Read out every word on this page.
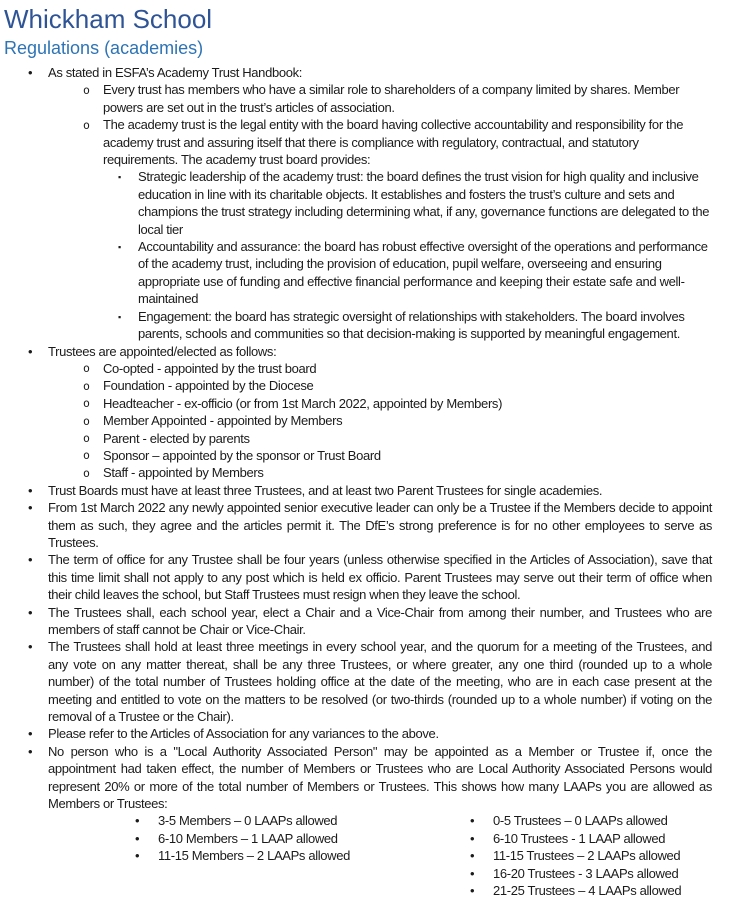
Whickham School
Regulations (academies)
• As stated in ESFA’s Academy Trust Handbook:
o Every trust has members who have a similar role to shareholders of a company limited by shares. Member powers are set out in the trust’s articles of association.
o The academy trust is the legal entity with the board having collective accountability and responsibility for the academy trust and assuring itself that there is compliance with regulatory, contractual, and statutory requirements. The academy trust board provides:
▪ Strategic leadership of the academy trust: the board defines the trust vision for high quality and inclusive education in line with its charitable objects. It establishes and fosters the trust’s culture and sets and champions the trust strategy including determining what, if any, governance functions are delegated to the local tier
▪ Accountability and assurance: the board has robust effective oversight of the operations and performance of the academy trust, including the provision of education, pupil welfare, overseeing and ensuring appropriate use of funding and effective financial performance and keeping their estate safe and well-maintained
▪ Engagement: the board has strategic oversight of relationships with stakeholders. The board involves parents, schools and communities so that decision-making is supported by meaningful engagement.
• Trustees are appointed/elected as follows:
o Co-opted - appointed by the trust board
o Foundation - appointed by the Diocese
o Headteacher - ex-officio (or from 1st March 2022, appointed by Members)
o Member Appointed - appointed by Members
o Parent - elected by parents
o Sponsor – appointed by the sponsor or Trust Board
o Staff - appointed by Members
• Trust Boards must have at least three Trustees, and at least two Parent Trustees for single academies.
• From 1st March 2022 any newly appointed senior executive leader can only be a Trustee if the Members decide to appoint them as such, they agree and the articles permit it. The DfE’s strong preference is for no other employees to serve as Trustees.
• The term of office for any Trustee shall be four years (unless otherwise specified in the Articles of Association), save that this time limit shall not apply to any post which is held ex officio. Parent Trustees may serve out their term of office when their child leaves the school, but Staff Trustees must resign when they leave the school.
• The Trustees shall, each school year, elect a Chair and a Vice-Chair from among their number, and Trustees who are members of staff cannot be Chair or Vice-Chair.
• The Trustees shall hold at least three meetings in every school year, and the quorum for a meeting of the Trustees, and any vote on any matter thereat, shall be any three Trustees, or where greater, any one third (rounded up to a whole number) of the total number of Trustees holding office at the date of the meeting, who are in each case present at the meeting and entitled to vote on the matters to be resolved (or two-thirds (rounded up to a whole number) if voting on the removal of a Trustee or the Chair).
• Please refer to the Articles of Association for any variances to the above.
• No person who is a "Local Authority Associated Person" may be appointed as a Member or Trustee if, once the appointment had taken effect, the number of Members or Trustees who are Local Authority Associated Persons would represent 20% or more of the total number of Members or Trustees. This shows how many LAAPs you are allowed as Members or Trustees:
• 3-5 Members – 0 LAAPs allowed
• 6-10 Members – 1 LAAP allowed
• 11-15 Members – 2 LAAPs allowed
• 0-5 Trustees – 0 LAAPs allowed
• 6-10 Trustees - 1 LAAP allowed
• 11-15 Trustees – 2 LAAPs allowed
• 16-20 Trustees - 3 LAAPs allowed
• 21-25 Trustees – 4 LAAPs allowed
